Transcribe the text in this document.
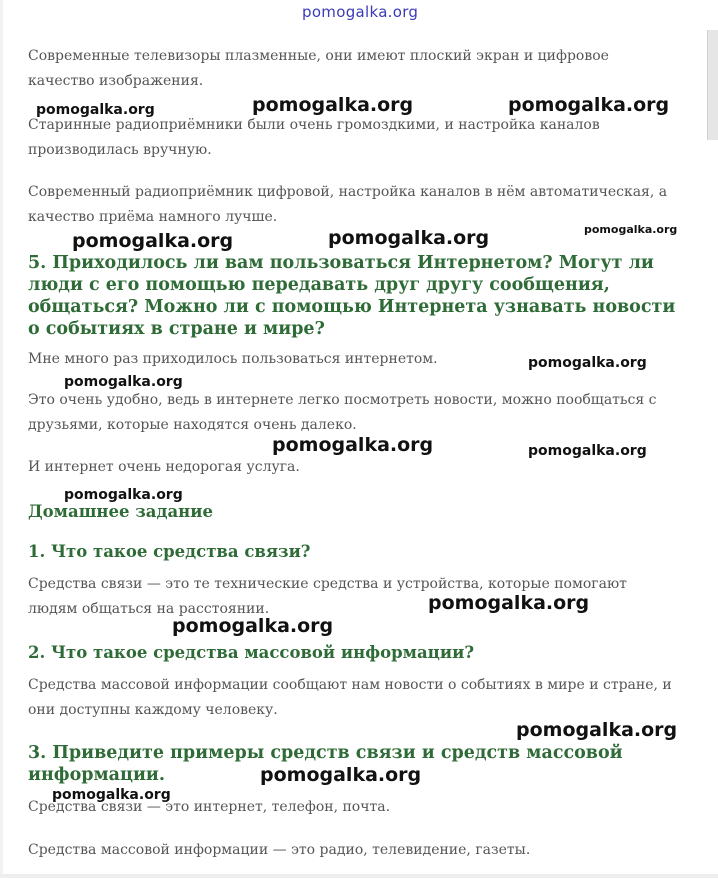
pomogalka.org

Современные телевизоры плазменные, они имеют плоский экран и цифровое качество изображения.

pomogalka.org	pomogalka.org	pomogalka.org

Старинные радиоприёмники были очень громоздкими, и настройка каналов производилась вручную.

Современный радиоприёмник цифровой, настройка каналов в нём автоматическая, а качество приёма намного лучше.

pomogalka.org	pomogalka.org	pomogalka.org

5. Приходилось ли вам пользоваться Интернетом? Могут ли люди с его помощью передавать друг другу сообщения, общаться? Можно ли с помощью Интернета узнавать новости о событиях в стране и мире?

Мне много раз приходилось пользоваться интернетом.	pomogalka.org

pomogalka.org

Это очень удобно, ведь в интернете легко посмотреть новости, можно пообщаться с друзьями, которые находятся очень далеко.

pomogalka.org	pomogalka.org

И интернет очень недорогая услуга.

pomogalka.org

Домашнее задание
1. Что такое средства связи?

Средства связи — это те технические средства и устройства, которые помогают людям общаться на расстоянии.	pomogalka.org

pomogalka.org

2. Что такое средства массовой информации?

Средства массовой информации сообщают нам новости о событиях в мире и стране, и они доступны каждому человеку.

pomogalka.org

3. Приведите примеры средств связи и средств массовой информации.	pomogalka.org

pomogalka.org

Средства связи — это интернет, телефон, почта.

Средства массовой информации — это радио, телевидение, газеты.
